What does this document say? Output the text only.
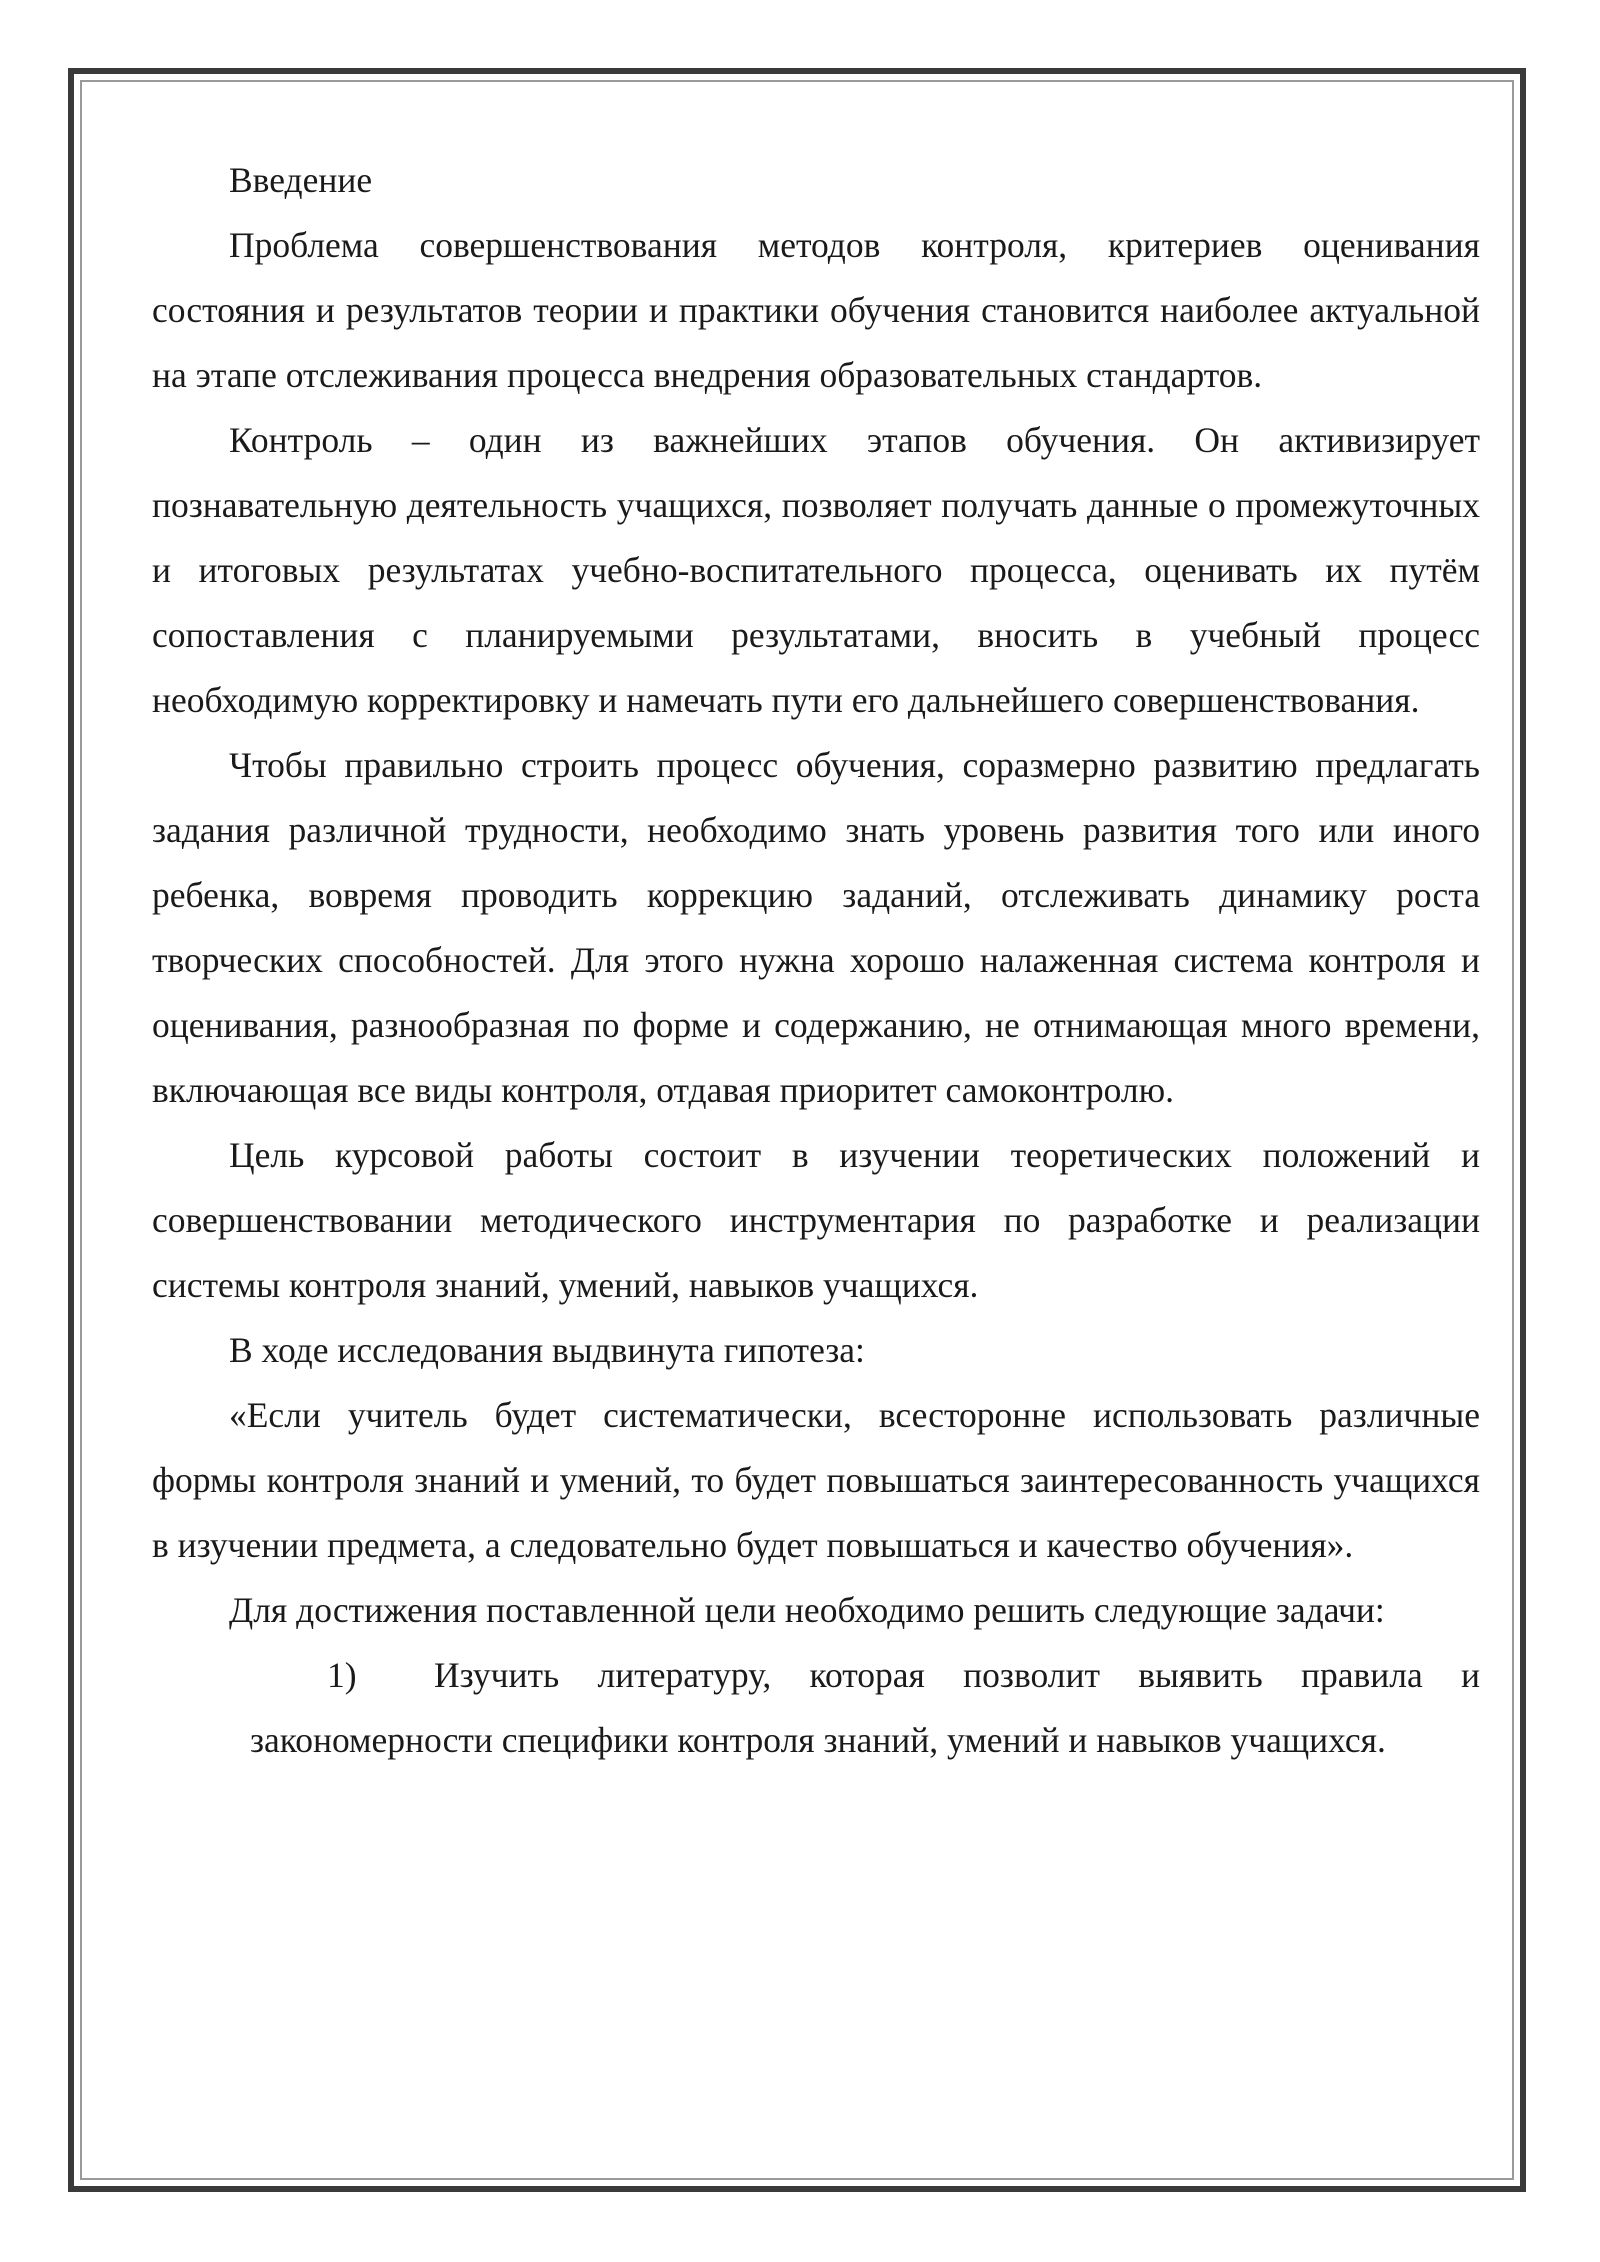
Введение

Проблема совершенствования методов контроля, критериев оценивания состояния и результатов теории и практики обучения становится наиболее актуальной на этапе отслеживания процесса внедрения образовательных стандартов.

Контроль – один из важнейших этапов обучения. Он активизирует познавательную деятельность учащихся, позволяет получать данные о промежуточных и итоговых результатах учебно-воспитательного процесса, оценивать их путём сопоставления с планируемыми результатами, вносить в учебный процесс необходимую корректировку и намечать пути его дальнейшего совершенствования.

Чтобы правильно строить процесс обучения, соразмерно развитию предлагать задания различной трудности, необходимо знать уровень развития того или иного ребенка, вовремя проводить коррекцию заданий, отслеживать динамику роста творческих способностей. Для этого нужна хорошо налаженная система контроля и оценивания, разнообразная по форме и содержанию, не отнимающая много времени, включающая все виды контроля, отдавая приоритет самоконтролю.

Цель курсовой работы состоит в изучении теоретических положений и совершенствовании методического инструментария по разработке и реализации системы контроля знаний, умений, навыков учащихся.

В ходе исследования выдвинута гипотеза:

«Если учитель будет систематически, всесторонне использовать различные формы контроля знаний и умений, то будет повышаться заинтересованность учащихся в изучении предмета, а следовательно будет повышаться и качество обучения».

Для достижения поставленной цели необходимо решить следующие задачи:

1)	Изучить литературу, которая позволит выявить правила и
закономерности специфики контроля знаний, умений и навыков учащихся.
